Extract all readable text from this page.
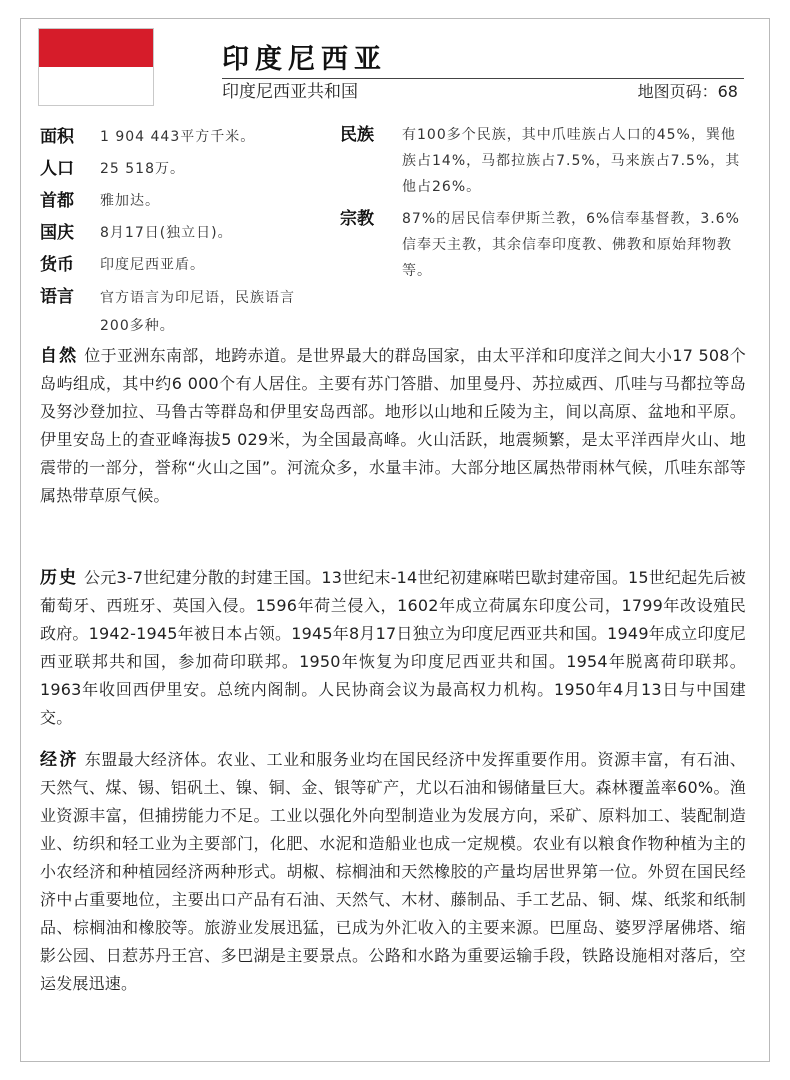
印度尼西亚
印度尼西亚共和国	地图页码：68
面积	1 904 443平方千米。
人口	25 518万。
首都	雅加达。
国庆	8月17日(独立日)。
货币	印度尼西亚盾。
语言	官方语言为印尼语，民族语言200多种。
民族	有100多个民族，其中爪哇族占人口的45%，巽他族占14%，马都拉族占7.5%，马来族占7.5%，其他占26%。
宗教	87%的居民信奉伊斯兰教，6%信奉基督教，3.6%信奉天主教，其余信奉印度教、佛教和原始拜物教等。
自然 位于亚洲东南部，地跨赤道。是世界最大的群岛国家，由太平洋和印度洋之间大小17 508个岛屿组成，其中约6 000个有人居住。主要有苏门答腊、加里曼丹、苏拉威西、爪哇与马都拉等岛及努沙登加拉、马鲁古等群岛和伊里安岛西部。地形以山地和丘陵为主，间以高原、盆地和平原。伊里安岛上的查亚峰海拔5 029米，为全国最高峰。火山活跃，地震频繁，是太平洋西岸火山、地震带的一部分，誉称“火山之国”。河流众多，水量丰沛。大部分地区属热带雨林气候，爪哇东部等属热带草原气候。
历史 公元3-7世纪建分散的封建王国。13世纪末-14世纪初建麻喏巴歇封建帝国。15世纪起先后被葡萄牙、西班牙、英国入侵。1596年荷兰侵入，1602年成立荷属东印度公司，1799年改设殖民政府。1942-1945年被日本占领。1945年8月17日独立为印度尼西亚共和国。1949年成立印度尼西亚联邦共和国，参加荷印联邦。1950年恢复为印度尼西亚共和国。1954年脱离荷印联邦。1963年收回西伊里安。总统内阁制。人民协商会议为最高权力机构。1950年4月13日与中国建交。
经济 东盟最大经济体。农业、工业和服务业均在国民经济中发挥重要作用。资源丰富，有石油、天然气、煤、锡、铝矾土、镍、铜、金、银等矿产，尤以石油和锡储量巨大。森林覆盖率60%。渔业资源丰富，但捕捞能力不足。工业以强化外向型制造业为发展方向，采矿、原料加工、装配制造业、纺织和轻工业为主要部门，化肥、水泥和造船业也成一定规模。农业有以粮食作物种植为主的小农经济和种植园经济两种形式。胡椒、棕榈油和天然橡胶的产量均居世界第一位。外贸在国民经济中占重要地位，主要出口产品有石油、天然气、木材、藤制品、手工艺品、铜、煤、纸浆和纸制品、棕榈油和橡胶等。旅游业发展迅猛，已成为外汇收入的主要来源。巴厘岛、婆罗浮屠佛塔、缩影公园、日惹苏丹王宫、多巴湖是主要景点。公路和水路为重要运输手段，铁路设施相对落后，空运发展迅速。
